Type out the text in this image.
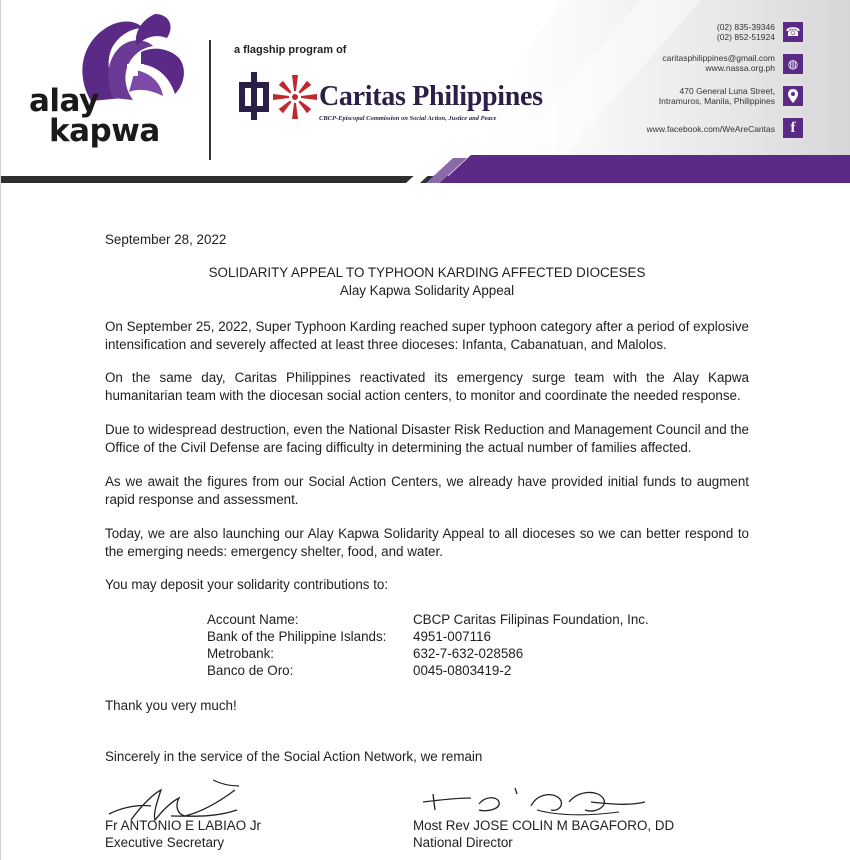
alay
kapwa
a flagship program of
Caritas Philippines
CBCP-Episcopal Commission on Social Action, Justice and Peace
(02) 835-39346
(02) 852-51924 ☎
caritasphilippines@gmail.com
www.nassa.org.ph	◍
470 General Luna Street,
Intramuros, Manila, Philippines
www.facebook.com/WeAreCaritas	f
September 28, 2022
SOLIDARITY APPEAL TO TYPHOON KARDING AFFECTED DIOCESES
Alay Kapwa Solidarity Appeal
On September 25, 2022, Super Typhoon Karding reached super typhoon category after a period of explosive intensification and severely affected at least three dioceses: Infanta, Cabanatuan, and Malolos.
On the same day, Caritas Philippines reactivated its emergency surge team with the Alay Kapwa humanitarian team with the diocesan social action centers, to monitor and coordinate the needed response.
Due to widespread destruction, even the National Disaster Risk Reduction and Management Council and the Office of the Civil Defense are facing difficulty in determining the actual number of families affected.
As we await the figures from our Social Action Centers, we already have provided initial funds to augment rapid response and assessment.
Today, we are also launching our Alay Kapwa Solidarity Appeal to all dioceses so we can better respond to the emerging needs: emergency shelter, food, and water.
You may deposit your solidarity contributions to:
Account Name:	CBCP Caritas Filipinas Foundation, Inc.
Bank of the Philippine Islands: 4951-007116
Metrobank:	632-7-632-028586
Banco de Oro:	0045-0803419-2
Thank you very much!
Sincerely in the service of the Social Action Network, we remain
Fr ANTONIO E LABIAO Jr
Executive Secretary
Most Rev JOSE COLIN M BAGAFORO, DD
National Director
